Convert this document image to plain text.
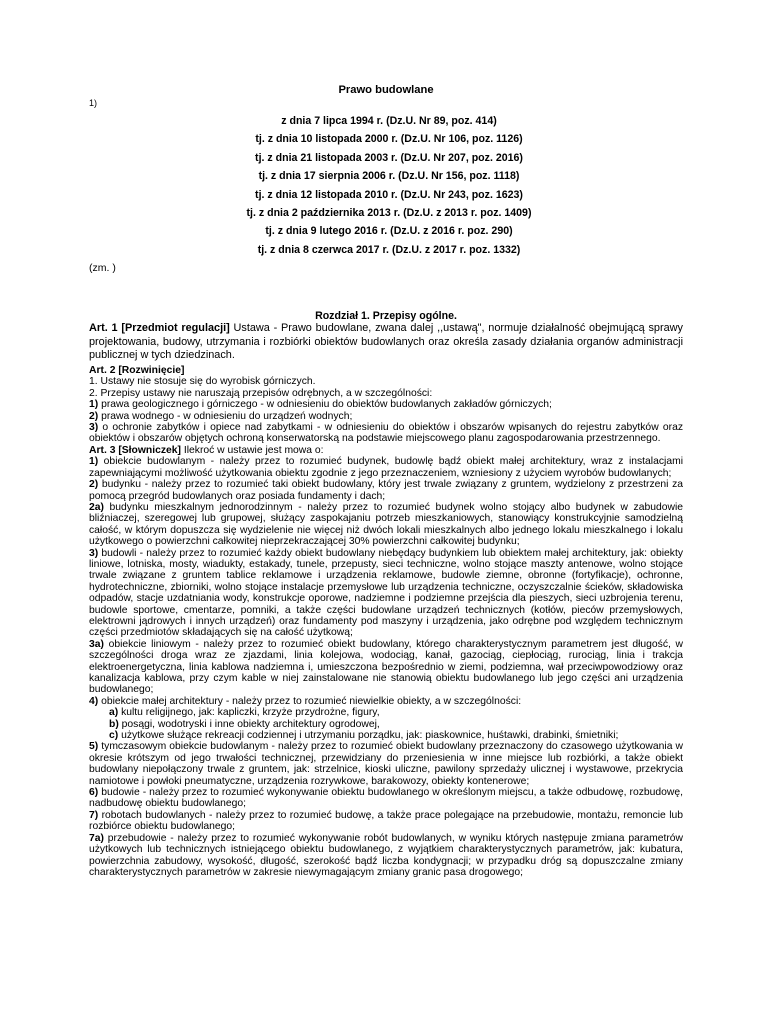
Prawo budowlane
1)
z dnia 7 lipca 1994 r. (Dz.U. Nr 89, poz. 414)
tj. z dnia 10 listopada 2000 r. (Dz.U. Nr 106, poz. 1126)
tj. z dnia 21 listopada 2003 r. (Dz.U. Nr 207, poz. 2016)
tj. z dnia 17 sierpnia 2006 r. (Dz.U. Nr 156, poz. 1118)
tj. z dnia 12 listopada 2010 r. (Dz.U. Nr 243, poz. 1623)
tj. z dnia 2 października 2013 r. (Dz.U. z 2013 r. poz. 1409)
tj. z dnia 9 lutego 2016 r. (Dz.U. z 2016 r. poz. 290)
tj. z dnia 8 czerwca 2017 r. (Dz.U. z 2017 r. poz. 1332)
(zm. )
Rozdział 1. Przepisy ogólne.

Art. 1 [Przedmiot regulacji] Ustawa - Prawo budowlane, zwana dalej ,,ustawą", normuje działalność obejmującą sprawy projektowania, budowy, utrzymania i rozbiórki obiektów budowlanych oraz określa zasady działania organów administracji publicznej w tych dziedzinach.

Art. 2 [Rozwinięcie]

1. Ustawy nie stosuje się do wyrobisk górniczych.

2. Przepisy ustawy nie naruszają przepisów odrębnych, a w szczególności:

1) prawa geologicznego i górniczego - w odniesieniu do obiektów budowlanych zakładów górniczych;

2) prawa wodnego - w odniesieniu do urządzeń wodnych;

3) o ochronie zabytków i opiece nad zabytkami - w odniesieniu do obiektów i obszarów wpisanych do rejestru zabytków oraz obiektów i obszarów objętych ochroną konserwatorską na podstawie miejscowego planu zagospodarowania przestrzennego.

Art. 3 [Słowniczek] Ilekroć w ustawie jest mowa o:

1) obiekcie budowlanym - należy przez to rozumieć budynek, budowlę bądź obiekt małej architektury, wraz z instalacjami zapewniającymi możliwość użytkowania obiektu zgodnie z jego przeznaczeniem, wzniesiony z użyciem wyrobów budowlanych;

2) budynku - należy przez to rozumieć taki obiekt budowlany, który jest trwale związany z gruntem, wydzielony z przestrzeni za pomocą przegród budowlanych oraz posiada fundamenty i dach;

2a) budynku mieszkalnym jednorodzinnym - należy przez to rozumieć budynek wolno stojący albo budynek w zabudowie bliźniaczej, szeregowej lub grupowej, służący zaspokajaniu potrzeb mieszkaniowych, stanowiący konstrukcyjnie samodzielną całość, w którym dopuszcza się wydzielenie nie więcej niż dwóch lokali mieszkalnych albo jednego lokalu mieszkalnego i lokalu użytkowego o powierzchni całkowitej nieprzekraczającej 30% powierzchni całkowitej budynku;

3) budowli - należy przez to rozumieć każdy obiekt budowlany niebędący budynkiem lub obiektem małej architektury, jak: obiekty liniowe, lotniska, mosty, wiadukty, estakady, tunele, przepusty, sieci techniczne, wolno stojące maszty antenowe, wolno stojące trwale związane z gruntem tablice reklamowe i urządzenia reklamowe, budowle ziemne, obronne (fortyfikacje), ochronne, hydrotechniczne, zbiorniki, wolno stojące instalacje przemysłowe lub urządzenia techniczne, oczyszczalnie ścieków, składowiska odpadów, stacje uzdatniania wody, konstrukcje oporowe, nadziemne i podziemne przejścia dla pieszych, sieci uzbrojenia terenu, budowle sportowe, cmentarze, pomniki, a także części budowlane urządzeń technicznych (kotłów, pieców przemysłowych, elektrowni jądrowych i innych urządzeń) oraz fundamenty pod maszyny i urządzenia, jako odrębne pod względem technicznym części przedmiotów składających się na całość użytkową;

3a) obiekcie liniowym - należy przez to rozumieć obiekt budowlany, którego charakterystycznym parametrem jest długość, w szczególności droga wraz ze zjazdami, linia kolejowa, wodociąg, kanał, gazociąg, ciepłociąg, rurociąg, linia i trakcja elektroenergetyczna, linia kablowa nadziemna i, umieszczona bezpośrednio w ziemi, podziemna, wał przeciwpowodziowy oraz kanalizacja kablowa, przy czym kable w niej zainstalowane nie stanowią obiektu budowlanego lub jego części ani urządzenia budowlanego;

4) obiekcie małej architektury - należy przez to rozumieć niewielkie obiekty, a w szczególności:

a) kultu religijnego, jak: kapliczki, krzyże przydrożne, figury,

b) posągi, wodotryski i inne obiekty architektury ogrodowej,

c) użytkowe służące rekreacji codziennej i utrzymaniu porządku, jak: piaskownice, huśtawki, drabinki, śmietniki;

5) tymczasowym obiekcie budowlanym - należy przez to rozumieć obiekt budowlany przeznaczony do czasowego użytkowania w okresie krótszym od jego trwałości technicznej, przewidziany do przeniesienia w inne miejsce lub rozbiórki, a także obiekt budowlany niepołączony trwale z gruntem, jak: strzelnice, kioski uliczne, pawilony sprzedaży ulicznej i wystawowe, przekrycia namiotowe i powłoki pneumatyczne, urządzenia rozrywkowe, barakowozy, obiekty kontenerowe;

6) budowie - należy przez to rozumieć wykonywanie obiektu budowlanego w określonym miejscu, a także odbudowę, rozbudowę, nadbudowę obiektu budowlanego;

7) robotach budowlanych - należy przez to rozumieć budowę, a także prace polegające na przebudowie, montażu, remoncie lub rozbiórce obiektu budowlanego;

7a) przebudowie - należy przez to rozumieć wykonywanie robót budowlanych, w wyniku których następuje zmiana parametrów użytkowych lub technicznych istniejącego obiektu budowlanego, z wyjątkiem charakterystycznych parametrów, jak: kubatura, powierzchnia zabudowy, wysokość, długość, szerokość bądź liczba kondygnacji; w przypadku dróg są dopuszczalne zmiany charakterystycznych parametrów w zakresie niewymagającym zmiany granic pasa drogowego;
